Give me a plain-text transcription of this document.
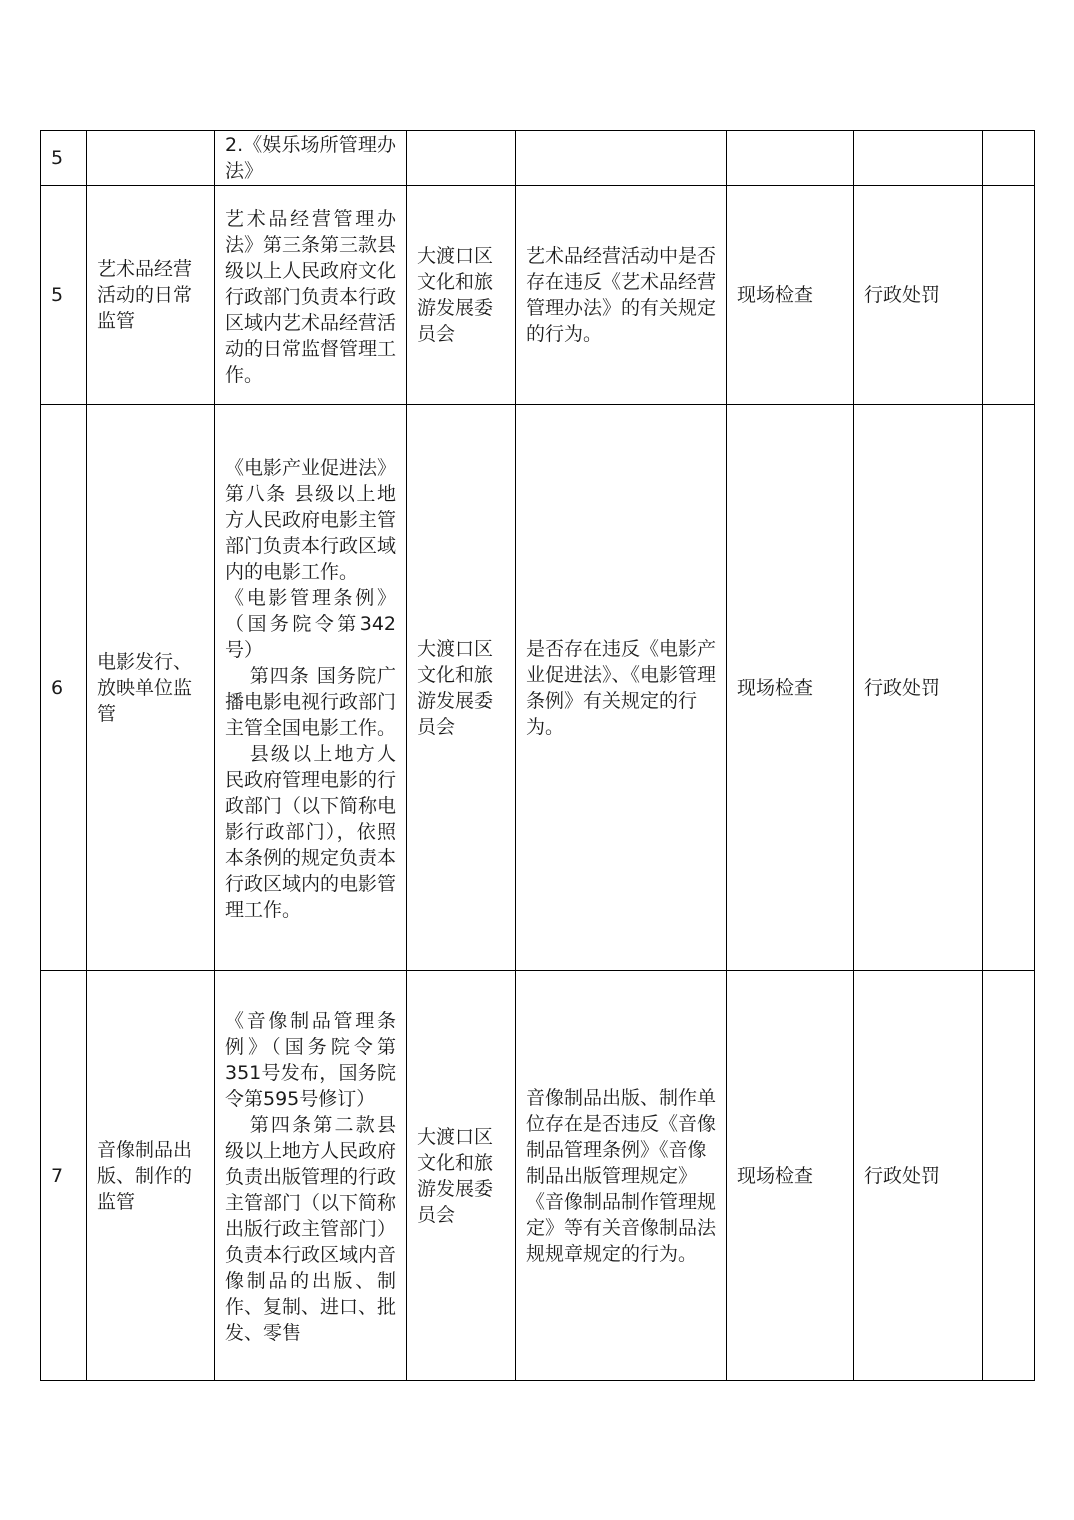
5		2.《娱乐场所管理办法》					

5	艺术品经营活动的日常监管	艺术品经营管理办法》第三条第三款县级以上人民政府文化行政部门负责本行政区域内艺术品经营活动的日常监督管理工作。	大渡口区文化和旅游发展委员会	艺术品经营活动中是否存在违反《艺术品经营管理办法》的有关规定的行为。	现场检查	行政处罚	
6	电影发行、放映单位监管	《电影产业促进法》第八条 县级以上地方人民政府电影主管部门负责本行政区域内的电影工作。
《电影管理条例》（国务院令第342号）
第四条 国务院广播电影电视行政部门主管全国电影工作。
县级以上地方人民政府管理电影的行政部门（以下简称电影行政部门），依照本条例的规定负责本行政区域内的电影管理工作。	大渡口区文化和旅游发展委员会	是否存在违反《电影产业促进法》、《电影管理条例》有关规定的行为。	现场检查	行政处罚	
7	音像制品出版、制作的监管	《音像制品管理条例》（国务院令第351号发布，国务院令第595号修订）
第四条第二款县级以上地方人民政府负责出版管理的行政主管部门（以下简称出版行政主管部门）负责本行政区域内音像制品的出版、制作、复制、进口、批发、零售	大渡口区文化和旅游发展委员会	音像制品出版、制作单位存在是否违反《音像制品管理条例》《音像制品出版管理规定》《音像制品制作管理规定》等有关音像制品法规规章规定的行为。	现场检查	行政处罚	
